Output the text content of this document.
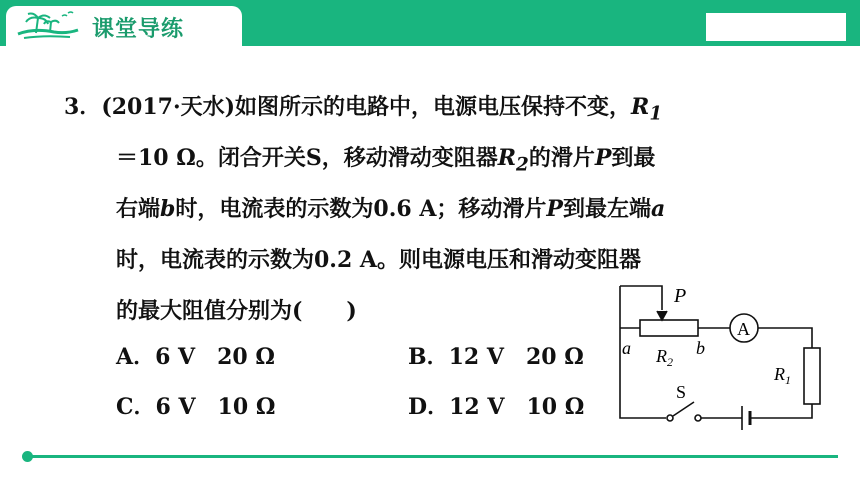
课堂导练
3．(2017·天水)如图所示的电路中，电源电压保持不变，$R_1$
＝10 Ω。闭合开关S，移动滑动变阻器$R_2$的滑片P到最
右端b时，电流表的示数为0.6 A；移动滑片P到最左端a
时，电流表的示数为0.2 A。则电源电压和滑动变阻器
的最大阻值分别为(　　)
A．6 V　20 Ω	B．12 V　20 Ω
C．6 V　10 Ω	D．12 V　10 Ω
P
a $R_2$
b
A
$R_1$
S
